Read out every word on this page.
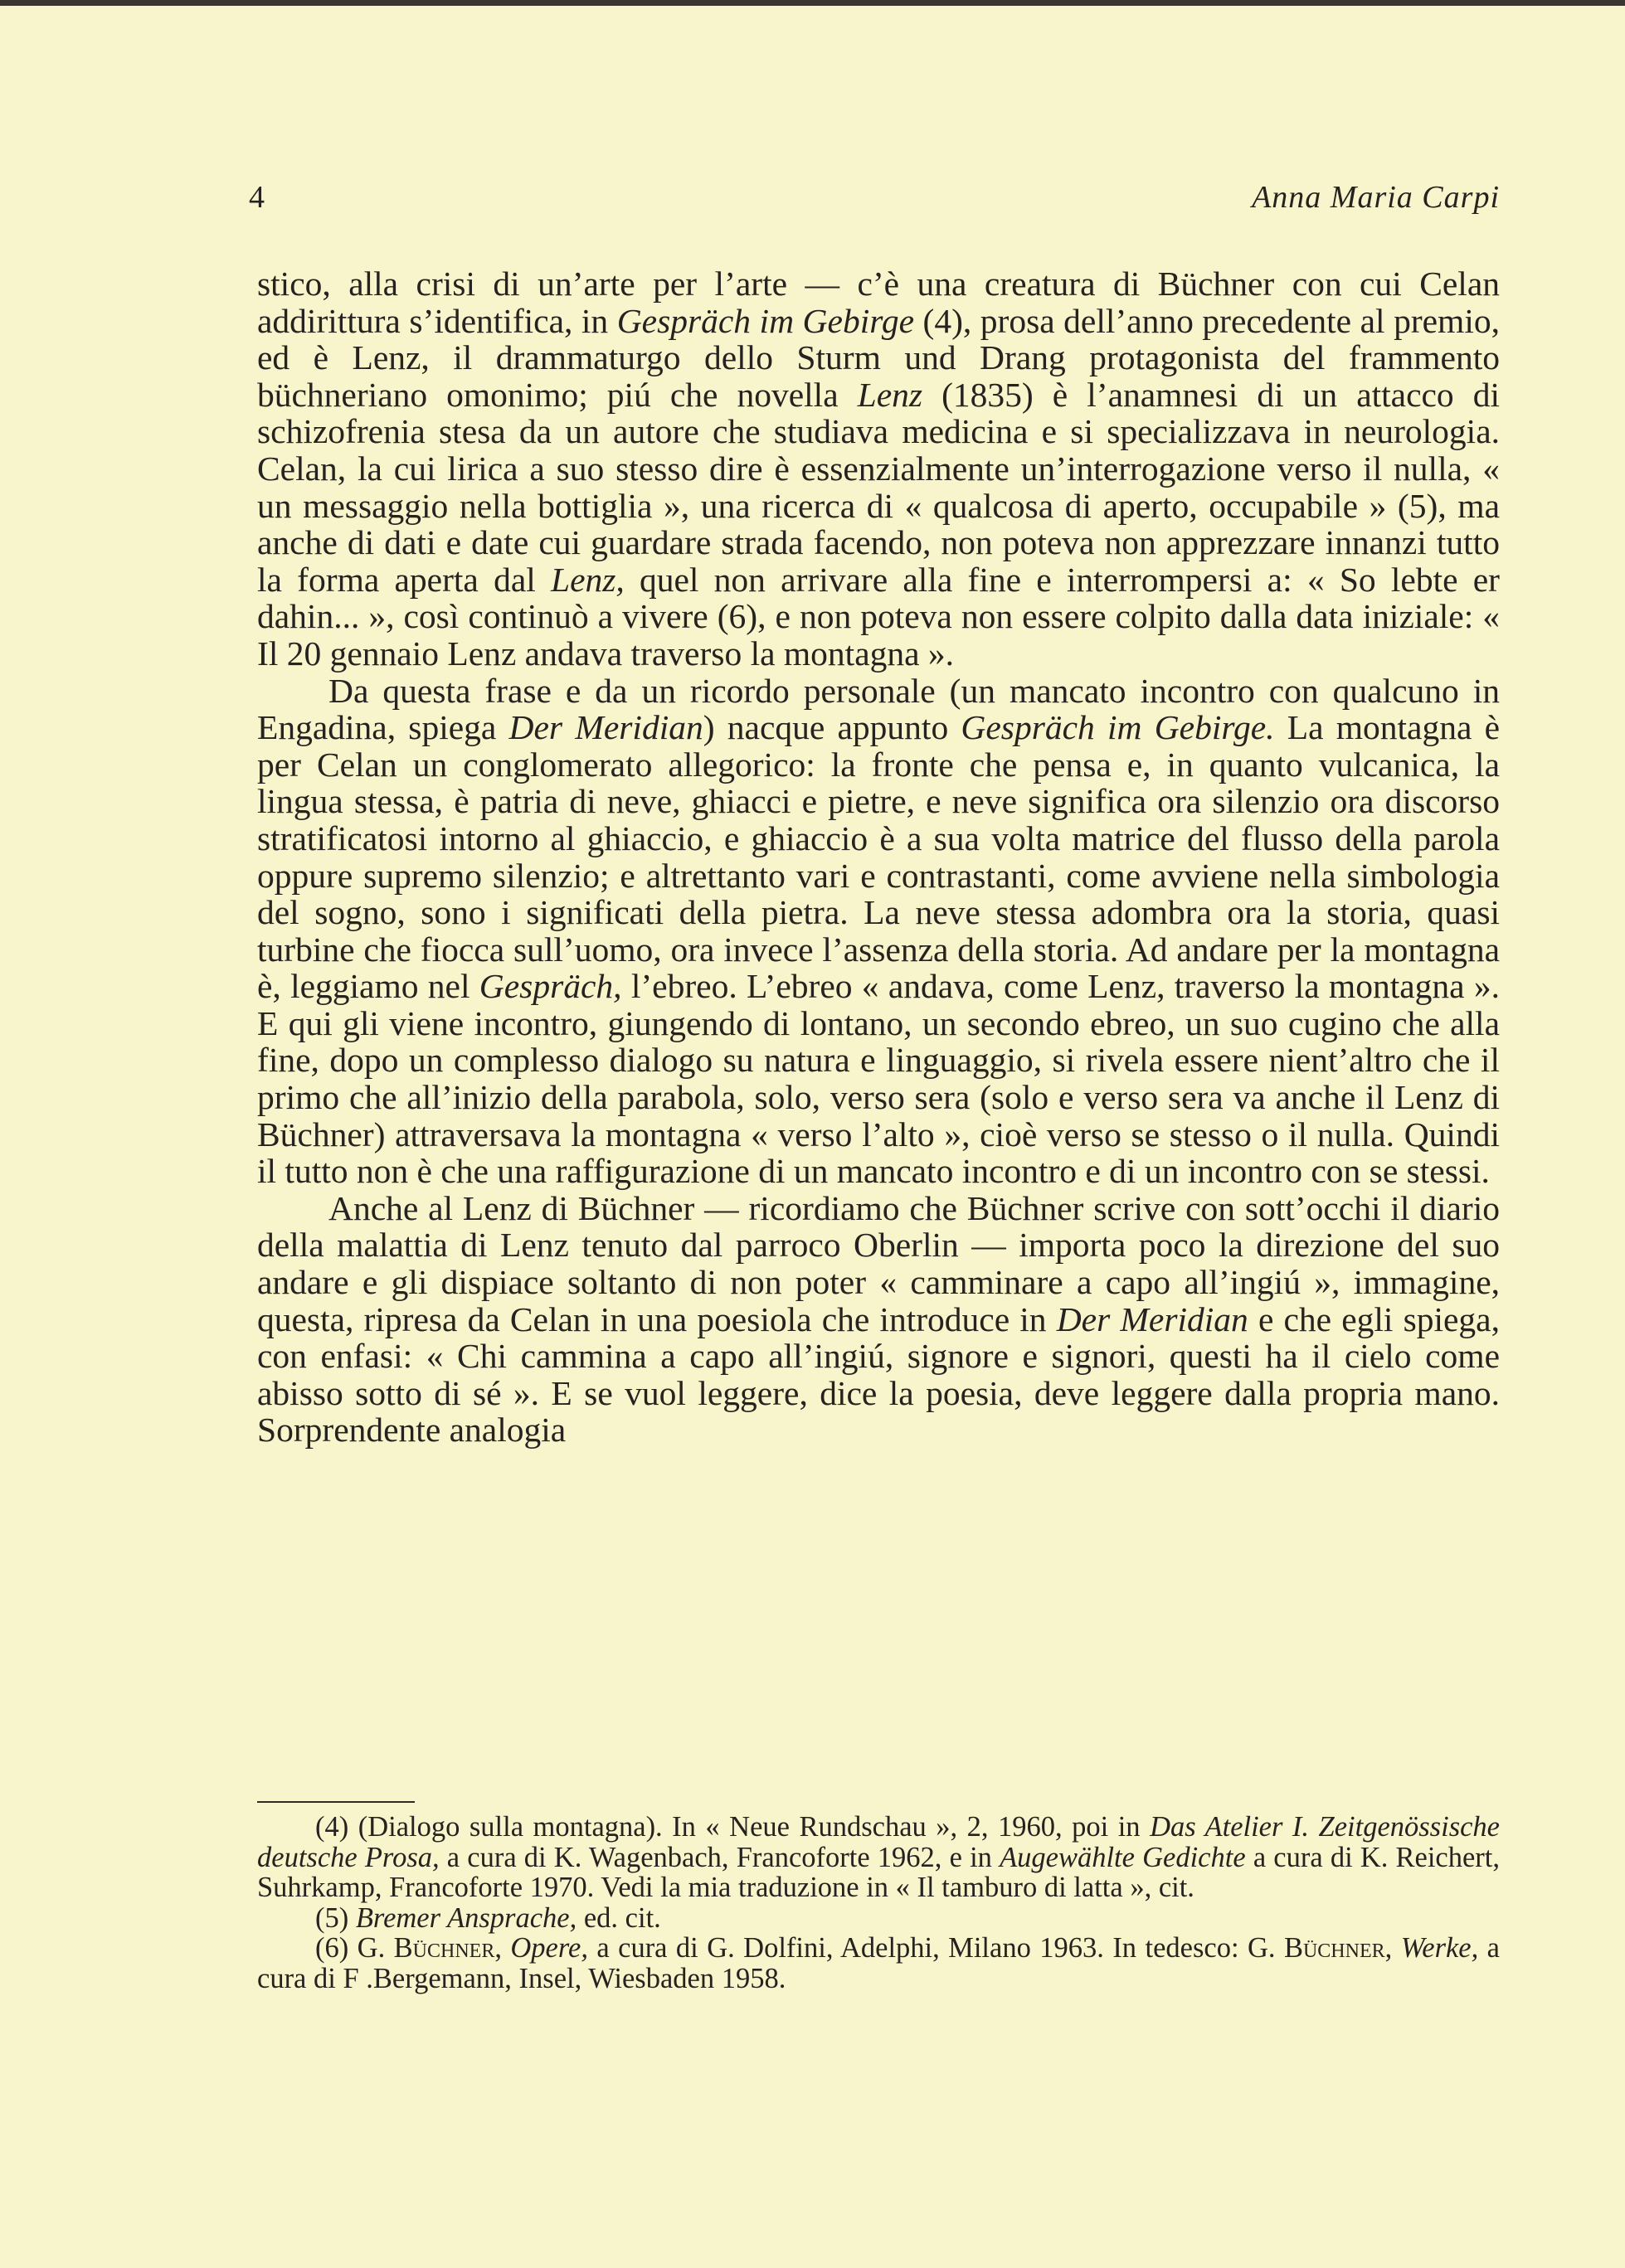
4	Anna Maria Carpi

stico, alla crisi di un’arte per l’arte — c’è una creatura di Büchner con cui Celan addirittura s’identifica, in Gespräch im Gebirge (4), prosa dell’anno precedente al premio, ed è Lenz, il drammaturgo dello Sturm und Drang protagonista del frammento büchneriano omonimo; piú che novella Lenz (1835) è l’anamnesi di un attacco di schizofrenia stesa da un autore che studiava medicina e si specializzava in neurologia. Celan, la cui lirica a suo stesso dire è essenzialmente un’interrogazione verso il nulla, « un messaggio nella bottiglia », una ricerca di « qualcosa di aperto, occupabile » (5), ma anche di dati e date cui guardare strada facendo, non poteva non apprezzare innanzi tutto la forma aperta dal Lenz, quel non arrivare alla fine e interrompersi a: « So lebte er dahin... », così continuò a vivere (6), e non poteva non essere colpito dalla data iniziale: « Il 20 gennaio Lenz andava traverso la montagna ».

Da questa frase e da un ricordo personale (un mancato incontro con qualcuno in Engadina, spiega Der Meridian) nacque appunto Gespräch im Gebirge. La montagna è per Celan un conglomerato allegorico: la fronte che pensa e, in quanto vulcanica, la lingua stessa, è patria di neve, ghiacci e pietre, e neve significa ora silenzio ora discorso stratificatosi intorno al ghiaccio, e ghiaccio è a sua volta matrice del flusso della parola oppure supremo silenzio; e altrettanto vari e contrastanti, come avviene nella simbologia del sogno, sono i significati della pietra. La neve stessa adombra ora la storia, quasi turbine che fiocca sull’uomo, ora invece l’assenza della storia. Ad andare per la montagna è, leggiamo nel Gespräch, l’ebreo. L’ebreo « andava, come Lenz, traverso la montagna ». E qui gli viene incontro, giungendo di lontano, un secondo ebreo, un suo cugino che alla fine, dopo un complesso dialogo su natura e linguaggio, si rivela essere nient’altro che il primo che all’inizio della parabola, solo, verso sera (solo e verso sera va anche il Lenz di Büchner) attraversava la montagna « verso l’alto », cioè verso se stesso o il nulla. Quindi il tutto non è che una raffigurazione di un mancato incontro e di un incontro con se stessi.

Anche al Lenz di Büchner — ricordiamo che Büchner scrive con sott’occhi il diario della malattia di Lenz tenuto dal parroco Oberlin — importa poco la direzione del suo andare e gli dispiace soltanto di non poter « camminare a capo all’ingiú », immagine, questa, ripresa da Celan in una poesiola che introduce in Der Meridian e che egli spiega, con enfasi: « Chi cammina a capo all’ingiú, signore e signori, questi ha il cielo come abisso sotto di sé ». E se vuol leggere, dice la poesia, deve leggere dalla propria mano. Sorprendente analogia

(4) (Dialogo sulla montagna). In « Neue Rundschau », 2, 1960, poi in Das Atelier I. Zeitgenössische deutsche Prosa, a cura di K. Wagenbach, Francoforte 1962, e in Augewählte Gedichte a cura di K. Reichert, Suhrkamp, Francoforte 1970. Vedi la mia traduzione in « Il tamburo di latta », cit.

(5) Bremer Ansprache, ed. cit.

(6) G. Büchner, Opere, a cura di G. Dolfini, Adelphi, Milano 1963. In tedesco: G. Büchner, Werke, a cura di F .Bergemann, Insel, Wiesbaden 1958.
